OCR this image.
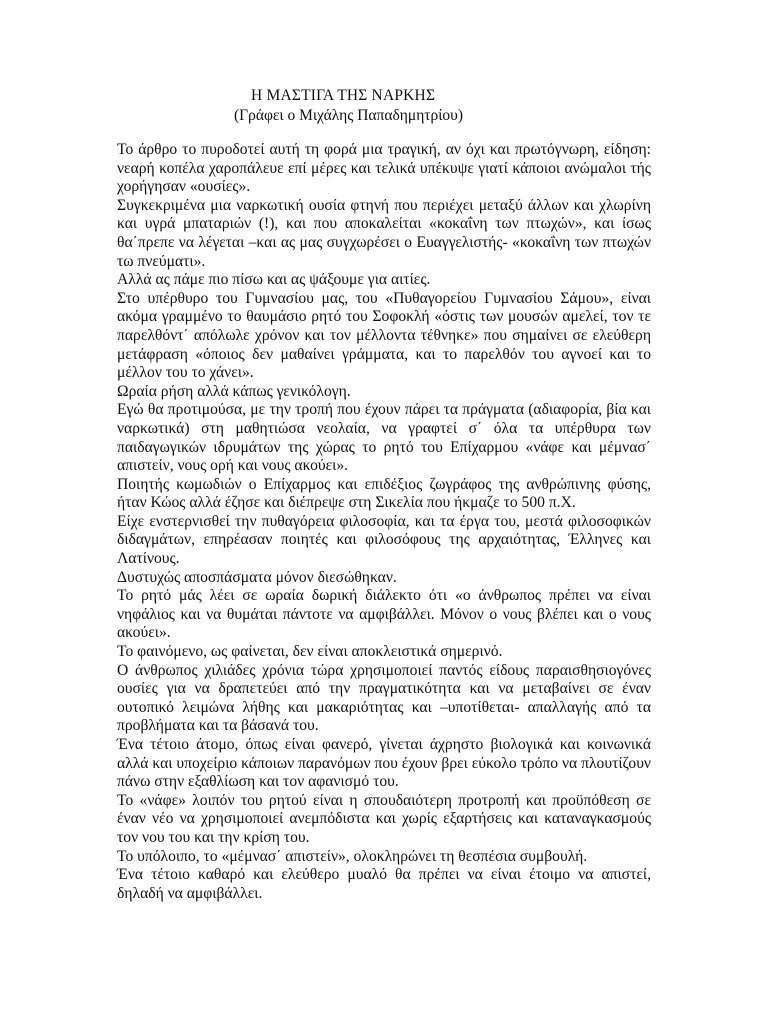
Η ΜΑΣΤΙΓΑ ΤΗΣ ΝΑΡΚΗΣ
(Γράφει ο Μιχάλης Παπαδημητρίου)

Το άρθρο το πυροδοτεί αυτή τη φορά μια τραγική, αν όχι και πρωτόγνωρη, είδηση: νεαρή κοπέλα χαροπάλευε επί μέρες και τελικά υπέκυψε γιατί κάποιοι ανώμαλοι τής χορήγησαν «ουσίες».

Συγκεκριμένα μια ναρκωτική ουσία φτηνή που περιέχει μεταξύ άλλων και χλωρίνη και υγρά μπαταριών (!), και που αποκαλείται «κοκαΐνη των πτωχών», και ίσως θα΄πρεπε να λέγεται –και ας μας συγχωρέσει ο Ευαγγελιστής- «κοκαΐνη των πτωχών τω πνεύματι».

Αλλά ας πάμε πιο πίσω και ας ψάξουμε για αιτίες.

Στο υπέρθυρο του Γυμνασίου μας, του «Πυθαγορείου Γυμνασίου Σάμου», είναι ακόμα γραμμένο το θαυμάσιο ρητό του Σοφοκλή «όστις των μουσών αμελεί, τον τε παρελθόντ΄ απόλωλε χρόνον και τον μέλλοντα τέθνηκε» που σημαίνει σε ελεύθερη μετάφραση «όποιος δεν μαθαίνει γράμματα, και το παρελθόν του αγνοεί και το μέλλον του το χάνει».

Ωραία ρήση αλλά κάπως γενικόλογη.

Εγώ θα προτιμούσα, με την τροπή που έχουν πάρει τα πράγματα (αδιαφορία, βία και ναρκωτικά) στη μαθητιώσα νεολαία, να γραφτεί σ΄ όλα τα υπέρθυρα των παιδαγωγικών ιδρυμάτων της χώρας το ρητό του Επίχαρμου «νάφε και μέμνασ΄ απιστείν, νους ορή και νους ακούει».

Ποιητής κωμωδιών ο Επίχαρμος και επιδέξιος ζωγράφος της ανθρώπινης φύσης, ήταν Κώος αλλά έζησε και διέπρεψε στη Σικελία που ήκμαζε το 500 π.Χ.

Είχε ενστερνισθεί την πυθαγόρεια φιλοσοφία, και τα έργα του, μεστά φιλοσοφικών διδαγμάτων, επηρέασαν ποιητές και φιλοσόφους της αρχαιότητας, Έλληνες και Λατίνους.

Δυστυχώς αποσπάσματα μόνον διεσώθηκαν.

Το ρητό μάς λέει σε ωραία δωρική διάλεκτο ότι «ο άνθρωπος πρέπει να είναι νηφάλιος και να θυμάται πάντοτε να αμφιβάλλει. Μόνον ο νους βλέπει και ο νους ακούει».

Το φαινόμενο, ως φαίνεται, δεν είναι αποκλειστικά σημερινό.

Ο άνθρωπος χιλιάδες χρόνια τώρα χρησιμοποιεί παντός είδους παραισθησιογόνες ουσίες για να δραπετεύει από την πραγματικότητα και να μεταβαίνει σε έναν ουτοπικό λειμώνα λήθης και μακαριότητας και –υποτίθεται- απαλλαγής από τα προβλήματα και τα βάσανά του.

Ένα τέτοιο άτομο, όπως είναι φανερό, γίνεται άχρηστο βιολογικά και κοινωνικά αλλά και υποχείριο κάποιων παρανόμων που έχουν βρει εύκολο τρόπο να πλουτίζουν πάνω στην εξαθλίωση και τον αφανισμό του.

Το «νάφε» λοιπόν του ρητού είναι η σπουδαιότερη προτροπή και προϋπόθεση σε έναν νέο να χρησιμοποιεί ανεμπόδιστα και χωρίς εξαρτήσεις και καταναγκασμούς τον νου του και την κρίση του.

Το υπόλοιπο, το «μέμνασ΄ απιστείν», ολοκληρώνει τη θεσπέσια συμβουλή.

Ένα τέτοιο καθαρό και ελεύθερο μυαλό θα πρέπει να είναι έτοιμο να απιστεί, δηλαδή να αμφιβάλλει.
